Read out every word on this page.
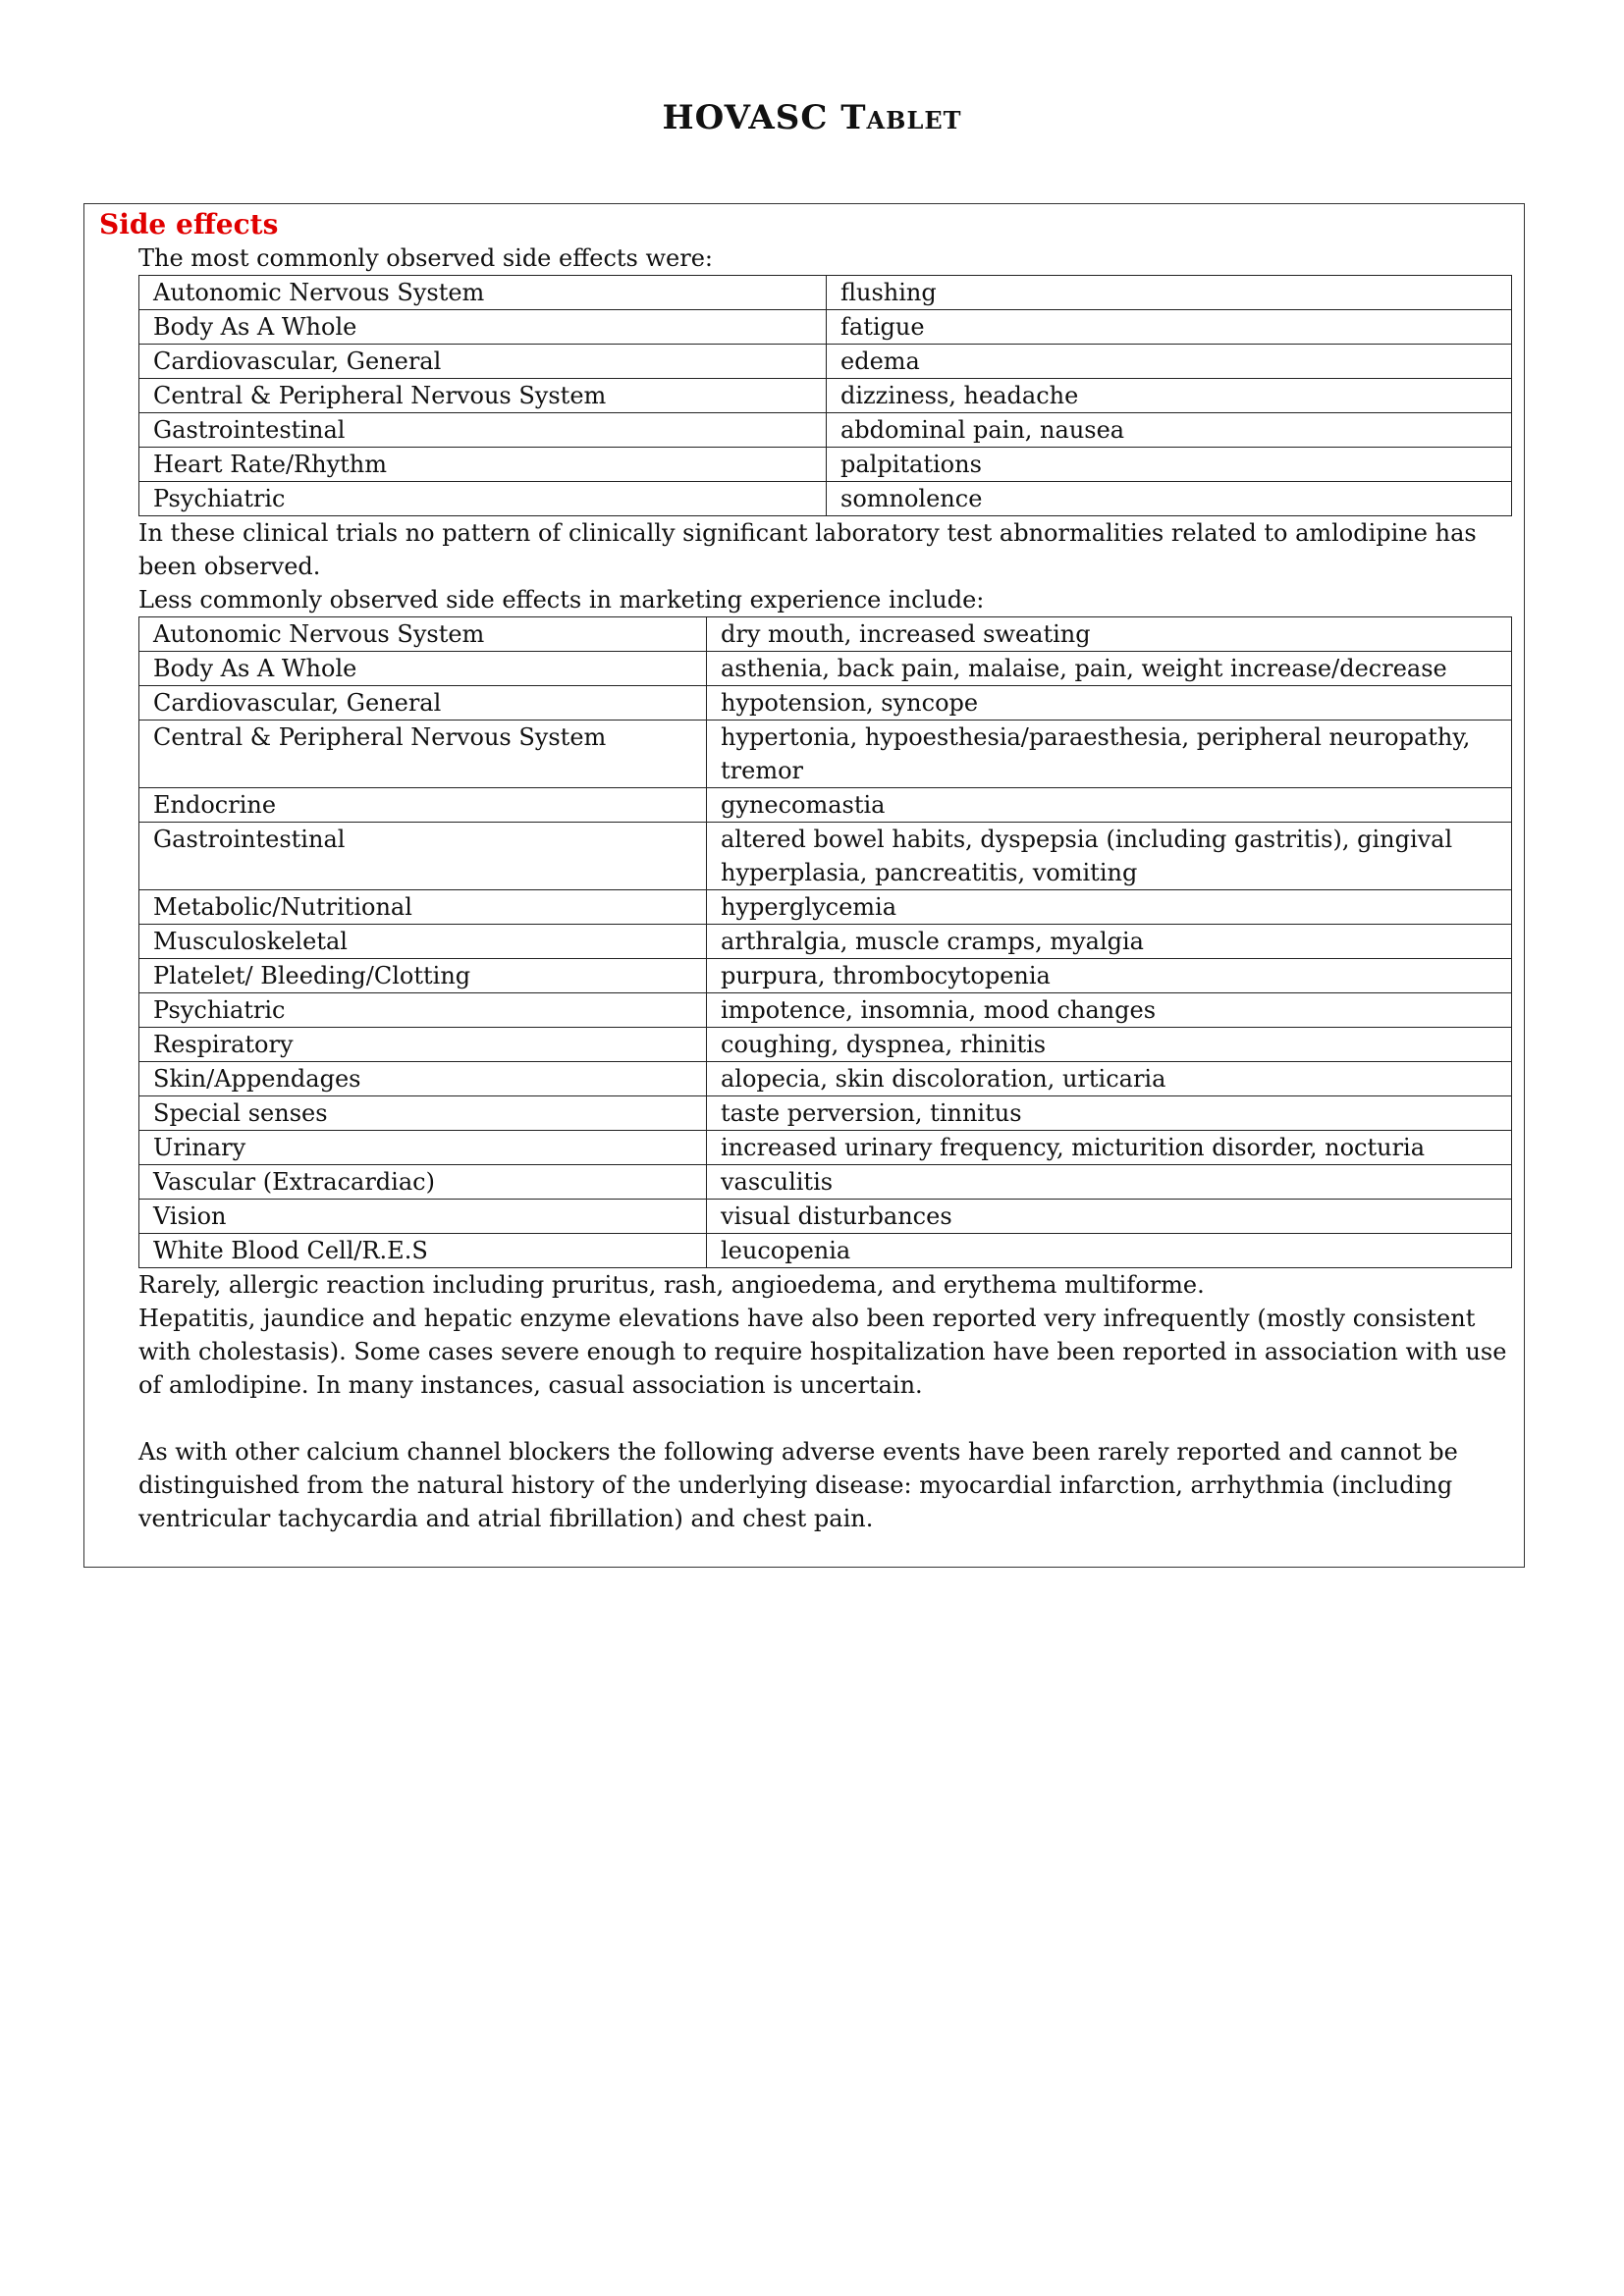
HOVASC Tablet
Side effects

The most commonly observed side effects were:

Autonomic Nervous System	flushing
Body As A Whole	fatigue
Cardiovascular, General	edema
Central & Peripheral Nervous System	dizziness, headache
Gastrointestinal	abdominal pain, nausea
Heart Rate/Rhythm	palpitations
Psychiatric	somnolence

In these clinical trials no pattern of clinically significant laboratory test abnormalities related to amlodipine has been observed.

Less commonly observed side effects in marketing experience include:

Autonomic Nervous System	dry mouth, increased sweating
Body As A Whole	asthenia, back pain, malaise, pain, weight increase/decrease
Cardiovascular, General	hypotension, syncope
Central & Peripheral Nervous System	hypertonia, hypoesthesia/paraesthesia, peripheral neuropathy, tremor
Endocrine	gynecomastia
Gastrointestinal	altered bowel habits, dyspepsia (including gastritis), gingival hyperplasia, pancreatitis, vomiting
Metabolic/Nutritional	hyperglycemia
Musculoskeletal	arthralgia, muscle cramps, myalgia
Platelet/ Bleeding/Clotting	purpura, thrombocytopenia
Psychiatric	impotence, insomnia, mood changes
Respiratory	coughing, dyspnea, rhinitis
Skin/Appendages	alopecia, skin discoloration, urticaria
Special senses	taste perversion, tinnitus
Urinary	increased urinary frequency, micturition disorder, nocturia
Vascular (Extracardiac)	vasculitis
Vision	visual disturbances
White Blood Cell/R.E.S	leucopenia

Rarely, allergic reaction including pruritus, rash, angioedema, and erythema multiforme.

Hepatitis, jaundice and hepatic enzyme elevations have also been reported very infrequently (mostly consistent with cholestasis). Some cases severe enough to require hospitalization have been reported in association with use of amlodipine. In many instances, casual association is uncertain.

As with other calcium channel blockers the following adverse events have been rarely reported and cannot be distinguished from the natural history of the underlying disease: myocardial infarction, arrhythmia (including ventricular tachycardia and atrial fibrillation) and chest pain.
